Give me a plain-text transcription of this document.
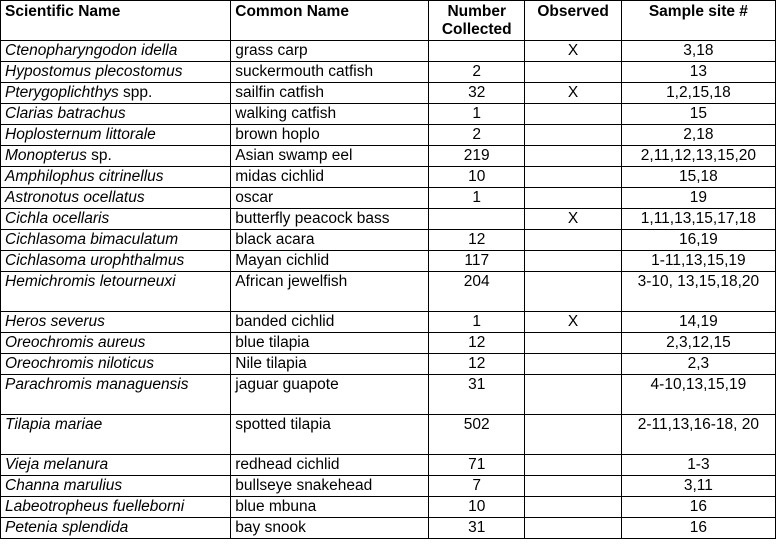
Scientific Name	Common Name	Number Collected	Observed	Sample site #
Ctenopharyngodon idella	grass carp		X	3,18
Hypostomus plecostomus	suckermouth catfish	2		13
Pterygoplichthys spp.	sailfin catfish	32	X	1,2,15,18
Clarias batrachus	walking catfish	1		15
Hoplosternum littorale	brown hoplo	2		2,18
Monopterus sp.	Asian swamp eel	219		2,11,12,13,15,20
Amphilophus citrinellus	midas cichlid	10		15,18
Astronotus ocellatus	oscar	1		19
Cichla ocellaris	butterfly peacock bass		X	1,11,13,15,17,18
Cichlasoma bimaculatum	black acara	12		16,19
Cichlasoma urophthalmus	Mayan cichlid	117		1-11,13,15,19
Hemichromis letourneuxi	African jewelfish	204		3-10, 13,15,18,20
Heros severus	banded cichlid	1	X	14,19
Oreochromis aureus	blue tilapia	12		2,3,12,15
Oreochromis niloticus	Nile tilapia	12		2,3
Parachromis managuensis	jaguar guapote	31		4-10,13,15,19
Tilapia mariae	spotted tilapia	502		2-11,13,16-18, 20
Vieja melanura	redhead cichlid	71		1-3
Channa marulius	bullseye snakehead	7		3,11
Labeotropheus fuelleborni	blue mbuna	10		16
Petenia splendida	bay snook	31		16
